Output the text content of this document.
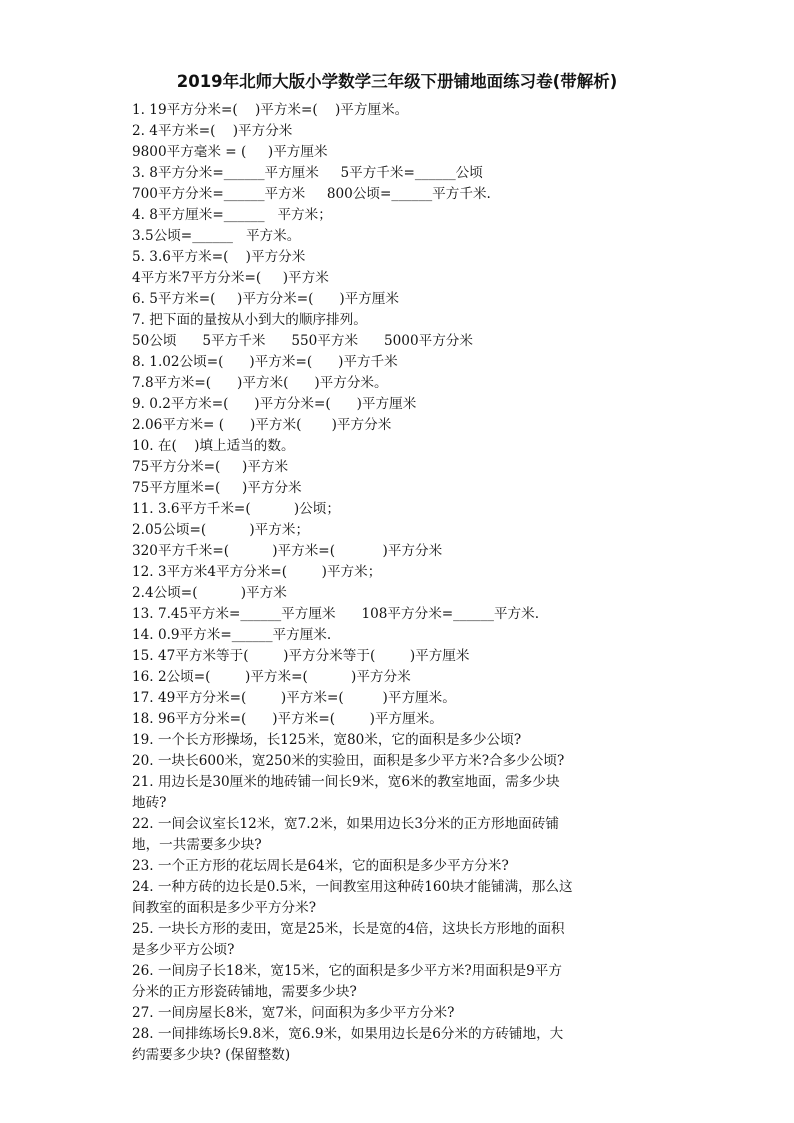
2019年北师大版小学数学三年级下册铺地面练习卷(带解析)
1. 19平方分米=(    )平方米=(    )平方厘米。
2. 4平方米=(    )平方分米
9800平方毫米 = (     )平方厘米
3. 8平方分米=______平方厘米     5平方千米=______公顷
700平方分米=______平方米     800公顷=______平方千米.
4. 8平方厘米=______   平方米；
3.5公顷=______   平方米。
5. 3.6平方米=(    )平方分米
4平方米7平方分米=(     )平方米
6. 5平方米=(     )平方分米=(      )平方厘米
7. 把下面的量按从小到大的顺序排列。
50公顷      5平方千米      550平方米      5000平方分米
8. 1.02公顷=(      )平方米=(      )平方千米
7.8平方米=(      )平方米(      )平方分米。
9. 0.2平方米=(      )平方分米=(      )平方厘米
2.06平方米= (      )平方米(       )平方分米
10. 在(    )填上适当的数。
75平方分米=(     )平方米
75平方厘米=(     )平方分米
11. 3.6平方千米=(          )公顷；
2.05公顷=(          )平方米；
320平方千米=(          )平方米=(           )平方分米
12. 3平方米4平方分米=(        )平方米；
2.4公顷=(          )平方米
13. 7.45平方米=______平方厘米      108平方分米=______平方米.
14. 0.9平方米=______平方厘米.
15. 47平方米等于(        )平方分米等于(        )平方厘米
16. 2公顷=(        )平方米=(          )平方分米
17. 49平方分米=(        )平方米=(         )平方厘米。
18. 96平方分米=(      )平方米=(        )平方厘米。
19. 一个长方形操场，长125米，宽80米，它的面积是多少公顷?
20. 一块长600米，宽250米的实验田，面积是多少平方米?合多少公顷?
21. 用边长是30厘米的地砖铺一间长9米，宽6米的教室地面，需多少块
地砖?
22. 一间会议室长12米，宽7.2米，如果用边长3分米的正方形地面砖铺
地，一共需要多少块?
23. 一个正方形的花坛周长是64米，它的面积是多少平方分米?
24. 一种方砖的边长是0.5米，一间教室用这种砖160块才能铺满，那么这
间教室的面积是多少平方分米?
25. 一块长方形的麦田，宽是25米，长是宽的4倍，这块长方形地的面积
是多少平方公顷?
26. 一间房子长18米，宽15米，它的面积是多少平方米?用面积是9平方
分米的正方形瓷砖铺地，需要多少块?
27. 一间房屋长8米，宽7米，问面积为多少平方分米?
28. 一间排练场长9.8米，宽6.9米，如果用边长是6分米的方砖铺地，大
约需要多少块? (保留整数)
